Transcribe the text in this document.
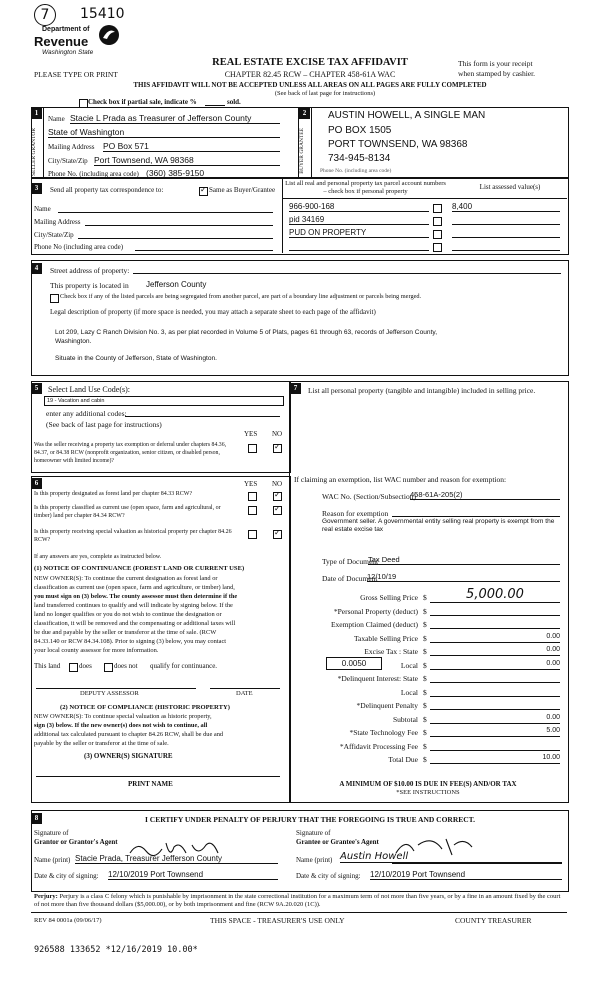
7	15410
Department of
Revenue
Washington State
PLEASE TYPE OR PRINT
REAL ESTATE EXCISE TAX AFFIDAVIT
CHAPTER 82.45 RCW – CHAPTER 458-61A WAC
This form is your receipt
when stamped by cashier.
THIS AFFIDAVIT WILL NOT BE ACCEPTED UNLESS ALL AREAS ON ALL PAGES ARE FULLY COMPLETED
(See back of last page for instructions)
Check box if partial sale, indicate %	sold.
1
SELLER GRANTOR
Name Stacie L Prada as Treasurer of Jefferson County
State of Washington
Mailing Address PO Box 571
City/State/Zip Port Townsend, WA 98368
Phone No. (including area code) (360) 385-9150
2
BUYER GRANTEE
AUSTIN HOWELL, A SINGLE MAN
PO BOX 1505
PORT TOWNSEND, WA 98368
734-945-8134
Phone No. (including area code)
3	Send all property tax correspondence to:
✓	Same as Buyer/Grantee
Name
Mailing Address
City/State/Zip
Phone No (including area code)
List all real and personal property tax parcel account numbers – check box if personal property
List assessed value(s)
966-900-168	8,400
pid 34169
PUD ON PROPERTY
4	Street address of property:
This property is located in Jefferson County
Check box if any of the listed parcels are being segregated from another parcel, are part of a boundary line adjustment or parcels being merged.
Legal description of property (if more space is needed, you may attach a separate sheet to each page of the affidavit)
Lot 209, Lazy C Ranch Division No. 3, as per plat recorded in Volume 5 of Plats, pages 61 through 63, records of Jefferson County,
Washington.
Situate in the County of Jefferson, State of Washington.
5	Select Land Use Code(s):
19 - Vacation and cabin
enter any additional codes:
(See back of last page for instructions)
YES NO
Was the seller receiving a property tax exemption or deferral under chapters 84.36, 84.37, or 84.38 RCW (nonprofit organization, senior citizen, or disabled person, homeowner with limited income)?
✓
6	YES NO
Is this property designated as forest land per chapter 84.33 RCW?
✓
Is this property classified as current use (open space, farm and agricultural, or timber) land per chapter 84.34 RCW?
✓
Is this property receiving special valuation as historical property per chapter 84.26 RCW?
✓
If any answers are yes, complete as instructed below.
(1) NOTICE OF CONTINUANCE (FOREST LAND OR CURRENT USE)
NEW OWNER(S): To continue the current designation as forest land or
classification as current use (open space, farm and agriculture, or timber) land,
you must sign on (3) below. The county assessor must then determine if the
land transferred continues to qualify and will indicate by signing below. If the
land no longer qualifies or you do not wish to continue the designation or
classification, it will be removed and the compensating or additional taxes will
be due and payable by the seller or transferor at the time of sale. (RCW
84.33.140 or RCW 84.34.108). Prior to signing (3) below, you may contact
your local county assessor for more information.
This land	does	does not qualify for continuance.
DEPUTY ASSESSOR	DATE
(2) NOTICE OF COMPLIANCE (HISTORIC PROPERTY)
NEW OWNER(S): To continue special valuation as historic property,
sign (3) below. If the new owner(s) does not wish to continue, all
additional tax calculated pursuant to chapter 84.26 RCW, shall be due and
payable by the seller or transferor at the time of sale.
(3) OWNER(S) SIGNATURE
PRINT NAME
7	List all personal property (tangible and intangible) included in selling price.
If claiming an exemption, list WAC number and reason for exemption:
WAC No. (Section/Subsection)
458-61A-205(2)
Reason for exemption
Government seller. A governmental entity selling real property is exempt from the real estate excise tax
Type of Document
Tax Deed
Date of Document
12/10/19
Gross Selling Price $	5,000.00
*Personal Property (deduct) $
Exemption Claimed (deduct) $
Taxable Selling Price $	0.00
Excise Tax : State $	0.00
Local $	0.00
*Delinquent Interest: State $
Local $
*Delinquent Penalty $
Subtotal $	0.00
*State Technology Fee $	5.00
*Affidavit Processing Fee $
Total Due $	10.00
0.0050
A MINIMUM OF $10.00 IS DUE IN FEE(S) AND/OR TAX
*SEE INSTRUCTIONS
8	I CERTIFY UNDER PENALTY OF PERJURY THAT THE FOREGOING IS TRUE AND CORRECT.
Signature of
Grantor or Grantor's Agent
Name (print) Stacie Prada, Treasurer Jefferson County
Date & city of signing: 12/10/2019 Port Townsend
Signature of
Grantee or Grantee's Agent
Name (print) Austin Howell
Date & city of signing: 12/10/2019 Port Townsend
Perjury: Perjury is a class C felony which is punishable by imprisonment in the state correctional institution for a maximum term of not more than five years, or by a fine in an amount fixed by the court of not more than five thousand dollars ($5,000.00), or by both imprisonment and fine (RCW 9A.20.020 (1C)).
REV 84 0001a (09/06/17)	THIS SPACE - TREASURER'S USE ONLY	COUNTY TREASURER
926588 133652 *12/16/2019 10.00*
